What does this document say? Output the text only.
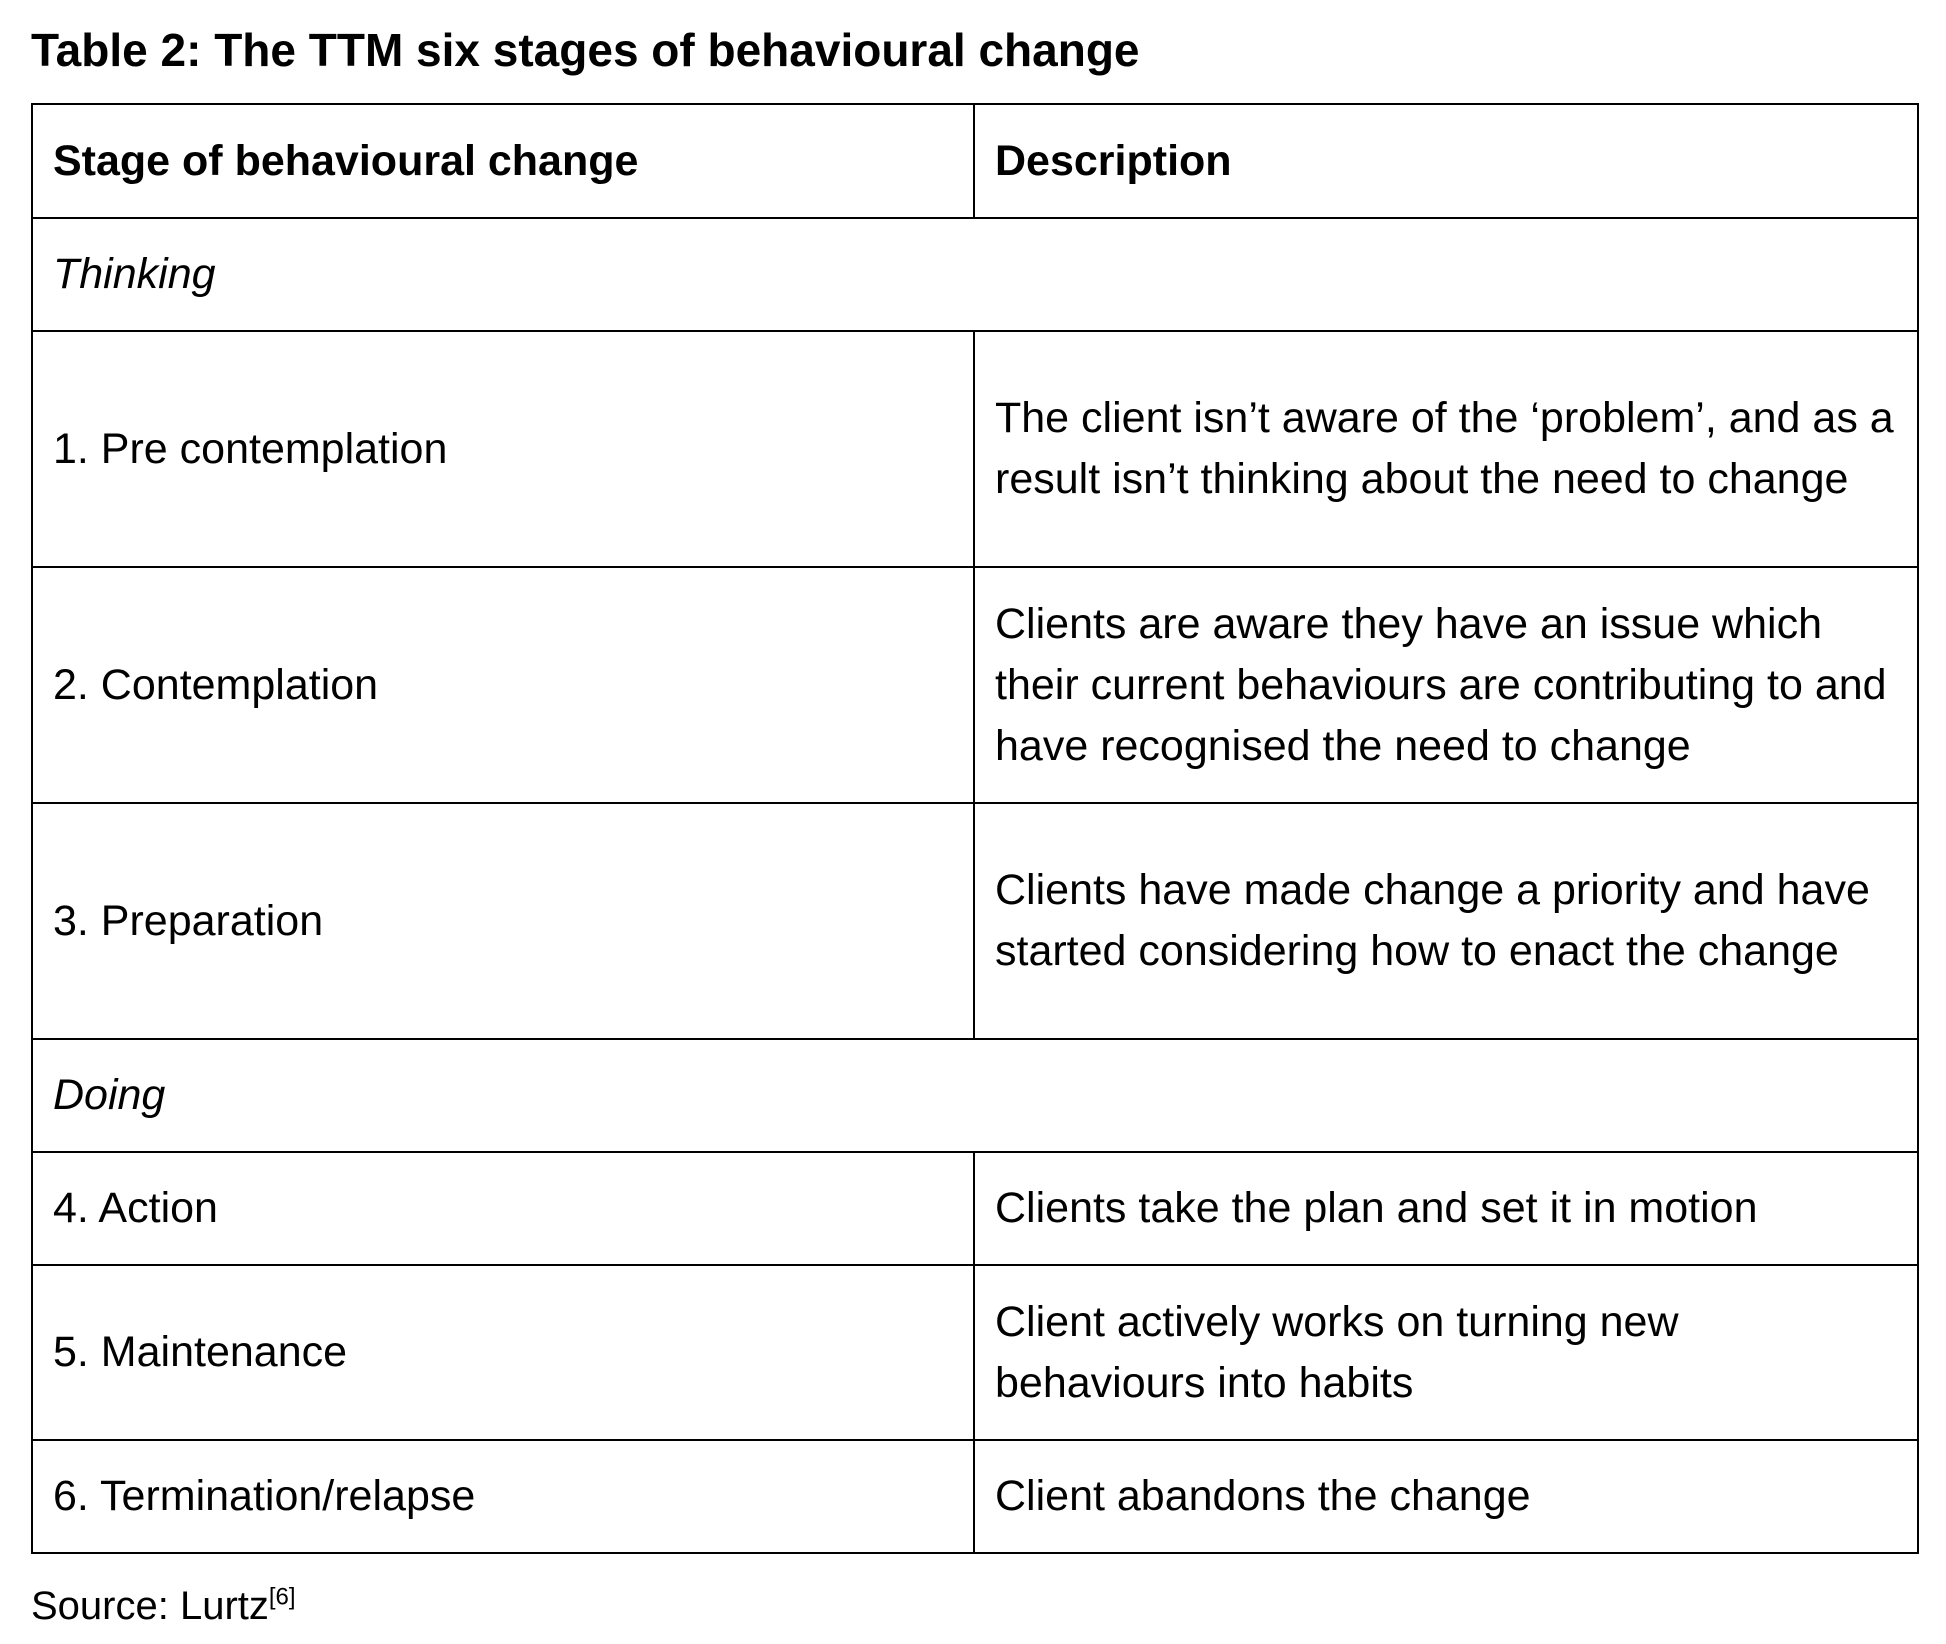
Table 2: The TTM six stages of behavioural change
Stage of behavioural change	Description
Thinking	
1. Pre contemplation	The client isn’t aware of the ‘problem’, and as a result isn’t thinking about the need to change
2. Contemplation	Clients are aware they have an issue which their current behaviours are contributing to and have recognised the need to change
3. Preparation	Clients have made change a priority and have started considering how to enact the change
Doing	
4. Action	Clients take the plan and set it in motion
5. Maintenance	Client actively works on turning new behaviours into habits
6. Termination/relapse	Client abandons the change
Source: Lurtz[6]
